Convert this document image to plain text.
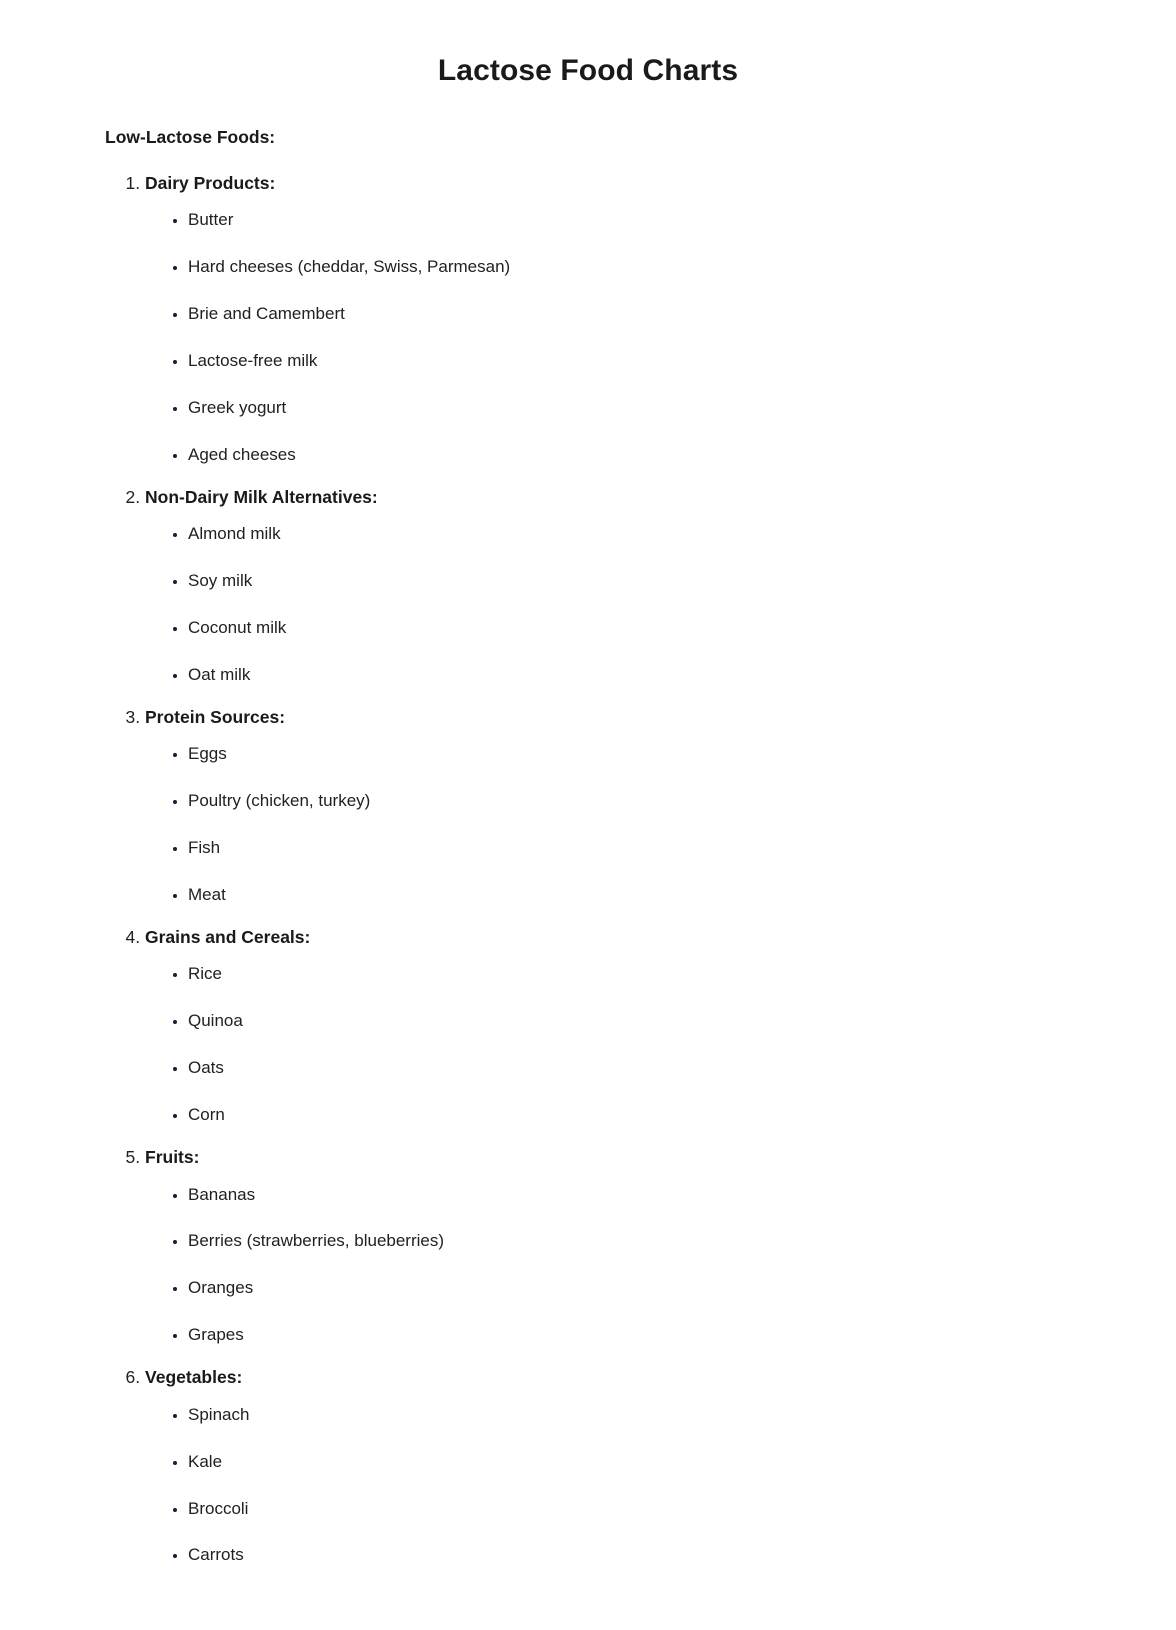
Lactose Food Charts
Low-Lactose Foods:
1. Dairy Products:
• Butter
• Hard cheeses (cheddar, Swiss, Parmesan)
• Brie and Camembert
• Lactose-free milk
• Greek yogurt
• Aged cheeses
2. Non-Dairy Milk Alternatives:
• Almond milk
• Soy milk
• Coconut milk
• Oat milk
3. Protein Sources:
• Eggs
• Poultry (chicken, turkey)
• Fish
• Meat
4. Grains and Cereals:
• Rice
• Quinoa
• Oats
• Corn
5. Fruits:
• Bananas
• Berries (strawberries, blueberries)
• Oranges
• Grapes
6. Vegetables:
• Spinach
• Kale
• Broccoli
• Carrots
